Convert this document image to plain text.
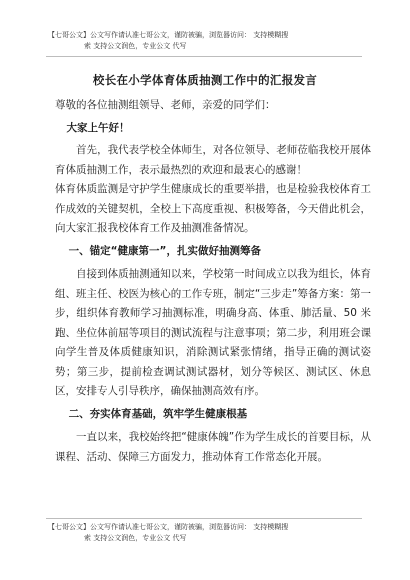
【七哥公文】公文写作请认准七哥公文，谨防被骗，浏览器访问： 支持模糊搜
索 支持公文润色，专业公文 代写
校长在小学体育体质抽测工作中的汇报发言

尊敬的各位抽测组领导、老师，亲爱的同学们：

大家上午好！

首先，我代表学校全体师生，对各位领导、老师莅临我校开展体育体质抽测工作，表示最热烈的欢迎和最衷心的感谢！

体育体质监测是守护学生健康成长的重要举措，也是检验我校体育工作成效的关键契机，全校上下高度重视、积极筹备，今天借此机会，向大家汇报我校体育工作及抽测准备情况。

一、锚定“健康第一”，扎实做好抽测筹备

自接到体质抽测通知以来，学校第一时间成立以我为组长，体育组、班主任、校医为核心的工作专班，制定“三步走”筹备方案：第一步，组织体育教师学习抽测标准，明确身高、体重、肺活量、50 米跑、坐位体前屈等项目的测试流程与注意事项；第二步，利用班会课向学生普及体质健康知识，消除测试紧张情绪，指导正确的测试姿势；第三步，提前检查调试测试器材，划分等候区、测试区、休息区，安排专人引导秩序，确保抽测高效有序。

二、夯实体育基础，筑牢学生健康根基

一直以来，我校始终把“健康体魄”作为学生成长的首要目标，从课程、活动、保障三方面发力，推动体育工作常态化开展。

【七哥公文】公文写作请认准七哥公文，谨防被骗，浏览器访问： 支持模糊搜
索 支持公文润色，专业公文 代写
